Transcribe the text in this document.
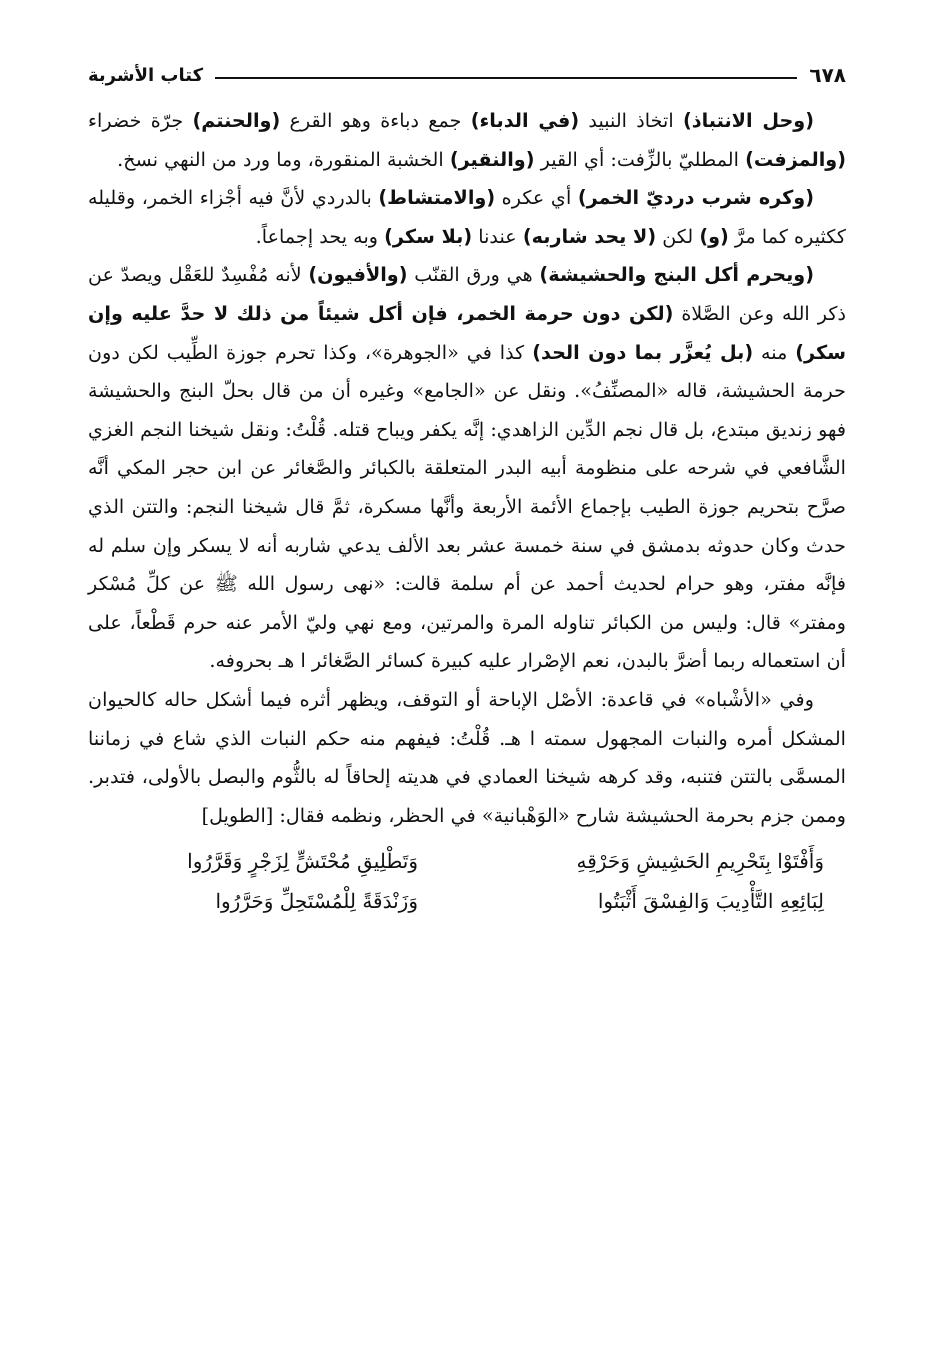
٦٧٨
كتاب الأشربة

(وحل الانتباذ) اتخاذ النبيد (في الدباء) جمع دباءة وهو القرع (والحنتم) جرّة خضراء (والمزفت) المطليّ بالزِّفت: أي القير (والنقير) الخشبة المنقورة، وما ورد من النهي نسخ.

(وكره شرب درديّ الخمر) أي عكره (والامتشاط) بالدردي لأنَّ فيه أجْزاء الخمر، وقليله ككثيره كما مرَّ (و) لكن (لا يحد شاربه) عندنا (بلا سكر) وبه يحد إجماعاً.

(ويحرم أكل البنج والحشيشة) هي ورق القنّب (والأفيون) لأنه مُفْسِدٌ للعَقْل ويصدّ عن ذكر الله وعن الصَّلاة (لكن دون حرمة الخمر، فإن أكل شيئاً من ذلك لا حدَّ عليه وإن سكر) منه (بل يُعزَّر بما دون الحد) كذا في «الجوهرة»، وكذا تحرم جوزة الطِّيب لكن دون حرمة الحشيشة، قاله «المصنِّفُ». ونقل عن «الجامع» وغيره أن من قال بحلّ البنج والحشيشة فهو زنديق مبتدع، بل قال نجم الدِّين الزاهدي: إنَّه يكفر ويباح قتله. قُلْتُ: ونقل شيخنا النجم الغزي الشَّافعي في شرحه على منظومة أبيه البدر المتعلقة بالكبائر والصَّغائر عن ابن حجر المكي أنَّه صرَّح بتحريم جوزة الطيب بإجماع الأئمة الأربعة وأنَّها مسكرة، ثمَّ قال شيخنا النجم: والتتن الذي حدث وكان حدوثه بدمشق في سنة خمسة عشر بعد الألف يدعي شاربه أنه لا يسكر وإن سلم له فإنَّه مفتر، وهو حرام لحديث أحمد عن أم سلمة قالت: «نهى رسول الله ﷺ عن كلِّ مُسْكر ومفتر» قال: وليس من الكبائر تناوله المرة والمرتين، ومع نهي وليّ الأمر عنه حرم قَطْعاً، على أن استعماله ربما أضرَّ بالبدن، نعم الإصْرار عليه كبيرة كسائر الصَّغائر ا هـ بحروفه.

وفي «الأشْباه» في قاعدة: الأصْل الإباحة أو التوقف، ويظهر أثره فيما أشكل حاله كالحيوان المشكل أمره والنبات المجهول سمته ا هـ. قُلْتُ: فيفهم منه حكم النبات الذي شاع في زماننا المسمَّى بالتتن فتنبه، وقد كرهه شيخنا العمادي في هديته إلحاقاً له بالثُّوم والبصل بالأولى، فتدبر. وممن جزم بحرمة الحشيشة شارح «الوَهْبانية» في الحظر، ونظمه فقال: [الطويل]

وَأَفْتَوْا بِتَحْرِيمِ الحَشِيشِ وَحَرْقِهِ
وَتَطْلِيقِ مُحْتَشٍّ لِزَجْرٍ وَقَرَّرُوا
لِبَائِعِهِ التَّأْدِيبَ وَالفِسْقَ أَثْبَتُوا
وَزَنْدَقَةً لِلْمُسْتَحِلِّ وَحَرَّرُوا
